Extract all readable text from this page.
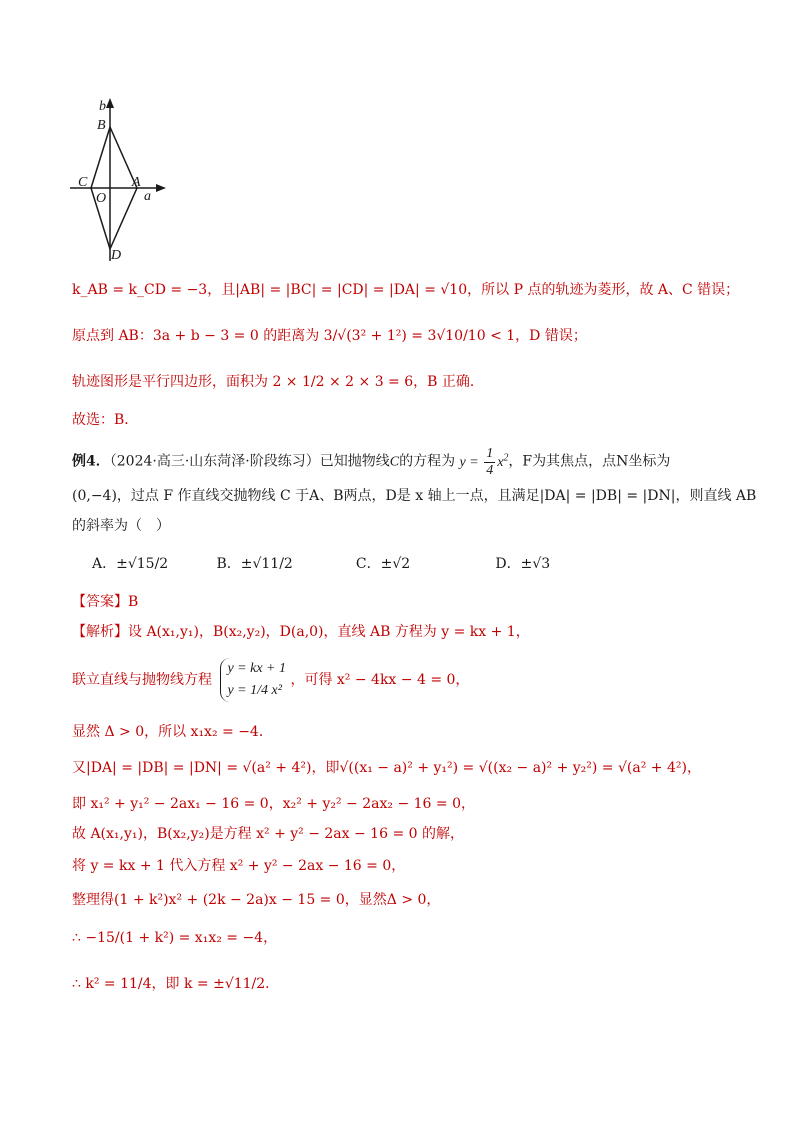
b
B
C	A
O	a
D
k_AB = k_CD = −3，且|AB| = |BC| = |CD| = |DA| = √10，所以 P 点的轨迹为菱形，故 A、C 错误；
原点到 AB：3a + b − 3 = 0 的距离为 3/√(3² + 1²) = 3√10/10 < 1，D 错误；
轨迹图形是平行四边形，面积为 2 × 1/2 × 2 × 3 = 6，B 正确．
故选：B．
例4．（2024·高三·山东菏泽·阶段练习）已知抛物线C的方程为 $y = \frac{1}{4} x^2$，F为其焦点，点N坐标为
(0,−4)，过点 F 作直线交抛物线 C 于A、B两点，D是 x 轴上一点，且满足|DA| = |DB| = |DN|，则直线 AB
的斜率为（　）
A．±√15/2	B．±√11/2	C．±√2	D．±√3
【答案】B
【解析】设 A(x₁,y₁)，B(x₂,y₂)，D(a,0)，直线 AB 方程为 y = kx + 1，
联立直线与抛物线方程
y = kx + 1
y = 1/4 x²
，可得 x² − 4kx − 4 = 0，
显然 Δ > 0，所以 x₁x₂ = −4．
又|DA| = |DB| = |DN| = √(a² + 4²)，即√((x₁ − a)² + y₁²) = √((x₂ − a)² + y₂²) = √(a² + 4²)，
即 x₁² + y₁² − 2ax₁ − 16 = 0，x₂² + y₂² − 2ax₂ − 16 = 0，
故 A(x₁,y₁)，B(x₂,y₂)是方程 x² + y² − 2ax − 16 = 0 的解，
将 y = kx + 1 代入方程 x² + y² − 2ax − 16 = 0，
整理得(1 + k²)x² + (2k − 2a)x − 15 = 0，显然Δ > 0，
∴ −15/(1 + k²) = x₁x₂ = −4，
∴ k² = 11/4，即 k = ±√11/2．
